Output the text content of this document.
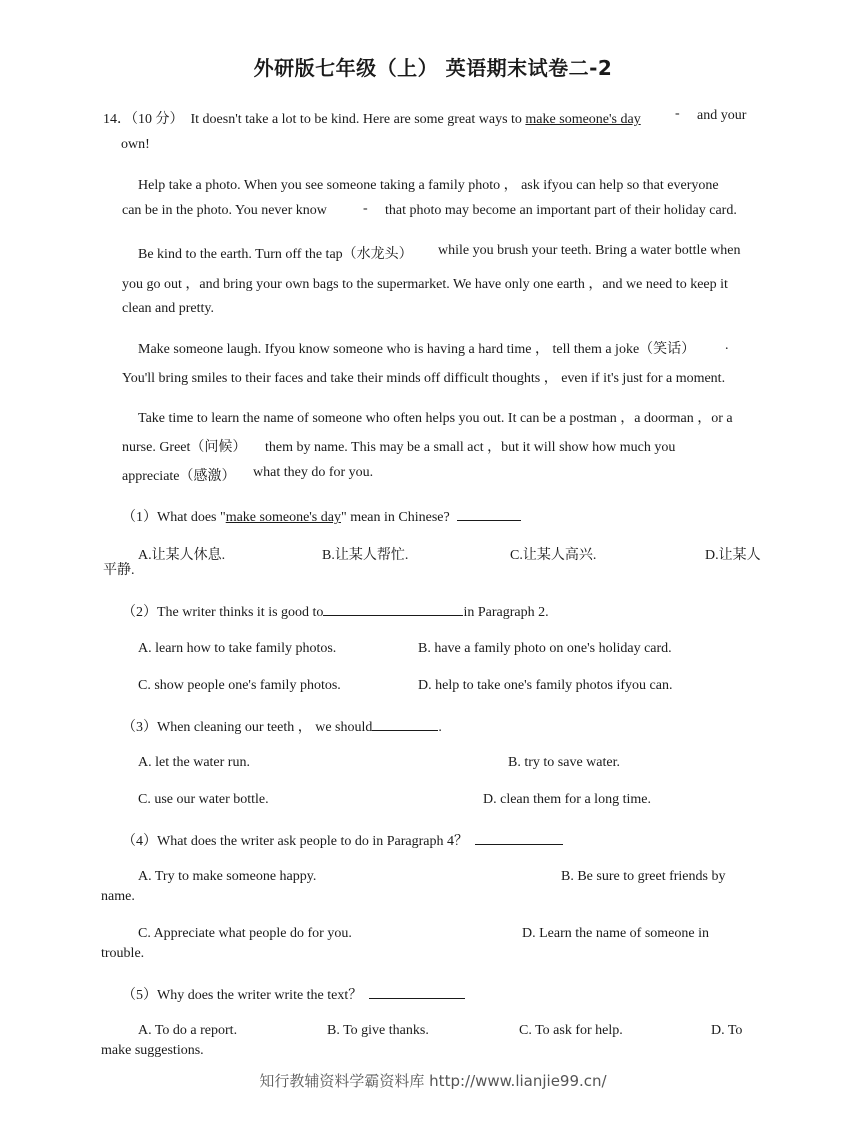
外研版七年级（上） 英语期末试卷二-2
14．（10 分） It doesn't take a lot to be kind. Here are some great ways to make someone's day - and your
own!
Help take a photo. When you see someone taking a family photo ， ask ifyou can help so that everyone
can be in the photo. You never know	- that photo may become an important part of their holiday card.
Be kind to the earth. Turn off the tap（水龙头） while you brush your teeth. Bring a water bottle when
you go out ，and bring your own bags to the supermarket. We have only one earth ，and we need to keep it
clean and pretty.
Make someone laugh. Ifyou know someone who is having a hard time ， tell them a joke（笑话） .
You'll bring smiles to their faces and take their minds off difficult thoughts ， even if it's just for a moment.
Take time to learn the name of someone who often helps you out. It can be a postman ，a doorman ，or a
nurse. Greet（问候） them by name. This may be a small act ，but it will show how much you
appreciate（感激） what they do for you.
（1）What does "make someone's day" mean in Chinese?
A.让某人休息.	B.让某人帮忙.	C.让某人高兴.	D.让某人
平静.
（2）The writer thinks it is good to	in Paragraph 2.
A. learn how to take family photos.	B. have a family photo on one's holiday card.
C. show people one's family photos.	D. help to take one's family photos ifyou can.
（3）When cleaning our teeth ， we should	.
A. let the water run.	B. try to save water.
C. use our water bottle.	D. clean them for a long time.
（4）What does the writer ask people to do in Paragraph 4？
A. Try to make someone happy.	B. Be sure to greet friends by
name.
C. Appreciate what people do for you.	D. Learn the name of someone in
trouble.
（5）Why does the writer write the text？
A. To do a report.	B. To give thanks.	C. To ask for help.	D. To
make suggestions.
知行教辅资料学霸资料库 http://www.lianjie99.cn/
